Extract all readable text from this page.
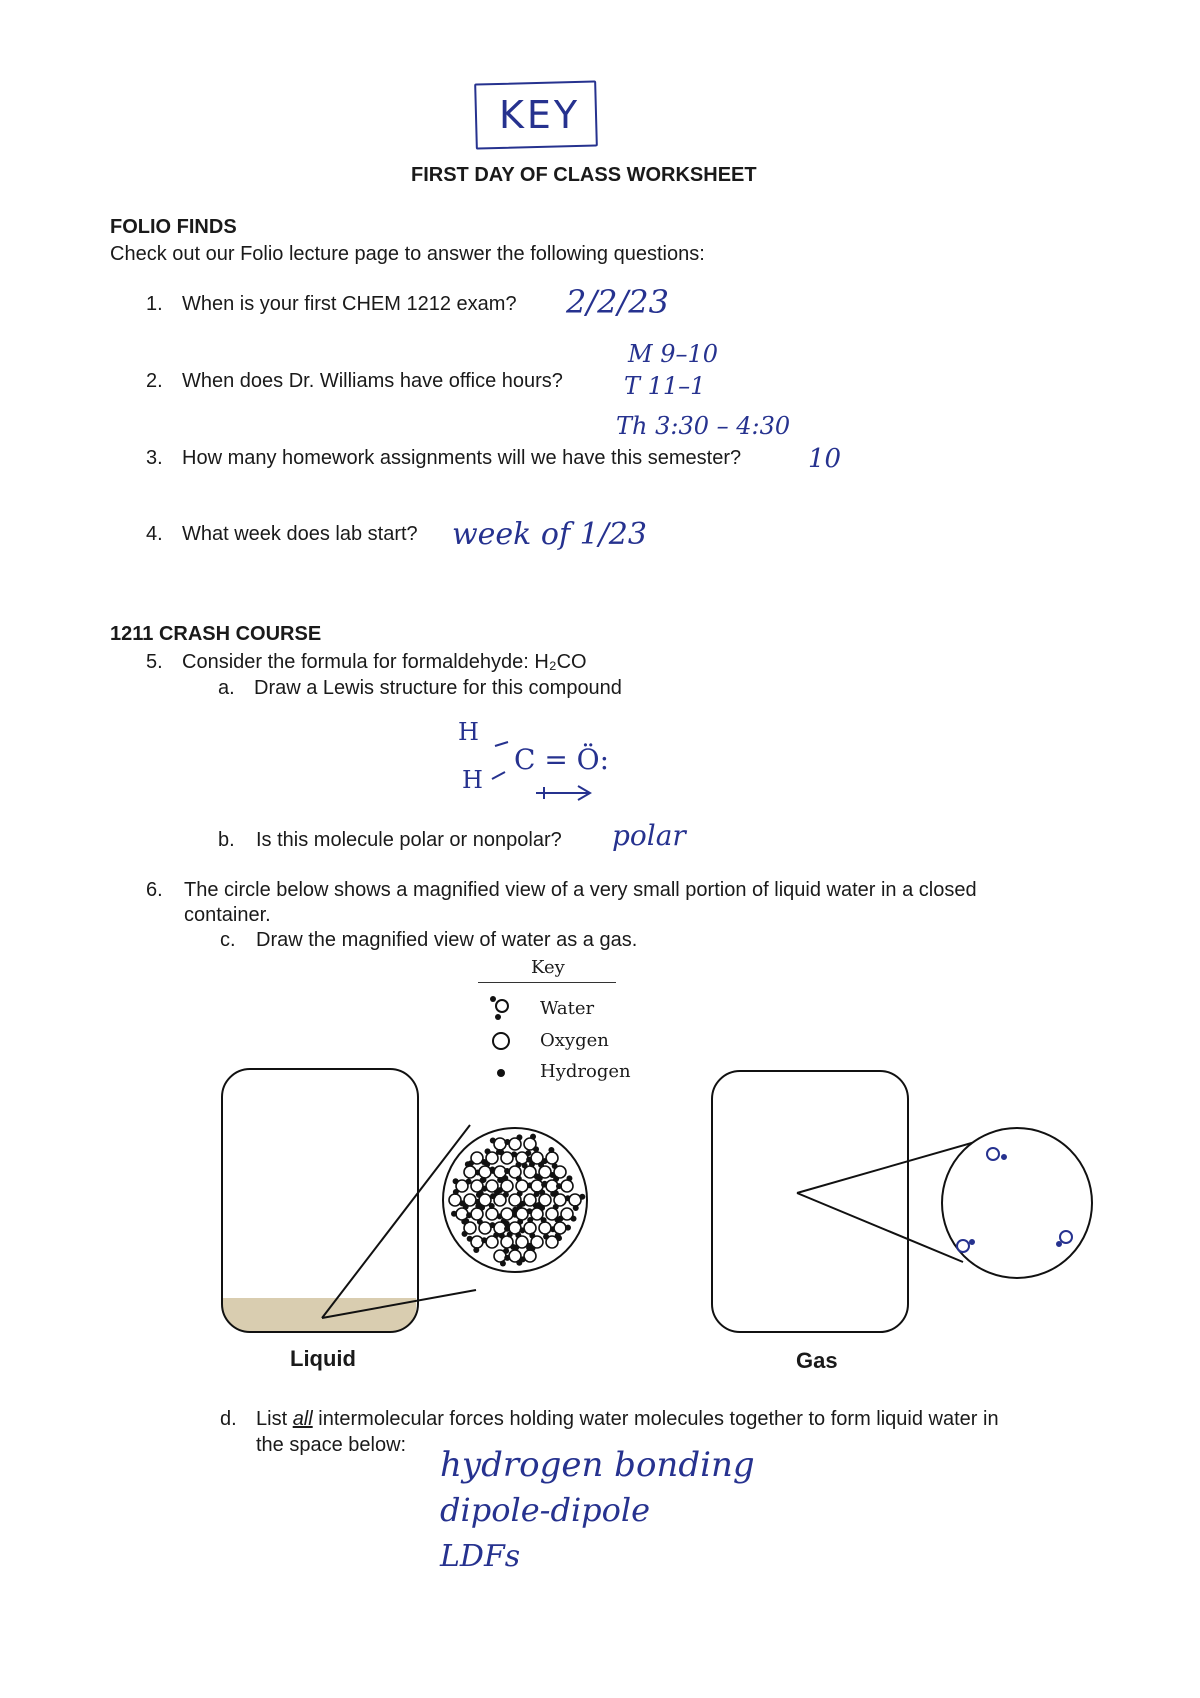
KEY
FIRST DAY OF CLASS WORKSHEET
FOLIO FINDS
Check out our Folio lecture page to answer the following questions:
1. When is your first CHEM 1212 exam? 2/2/23
2. When does Dr. Williams have office hours?
M 9–10
T 11–1
Th 3:30 – 4:30
3. How many homework assignments will we have this semester?	10
4. What week does lab start? week of 1/23
1211 CRASH COURSE
5. Consider the formula for formaldehyde: H₂CO
a. Draw a Lewis structure for this compound
H
H
C = Ö:
b. Is this molecule polar or nonpolar? polar
6. The circle below shows a magnified view of a very small portion of liquid water in a closed
container.
c. Draw the magnified view of water as a gas.
Key
Water
Oxygen
Hydrogen
Liquid	Gas
d. List all intermolecular forces holding water molecules together to form liquid water in
the space below: hydrogen bonding
dipole-dipole
LDFs
